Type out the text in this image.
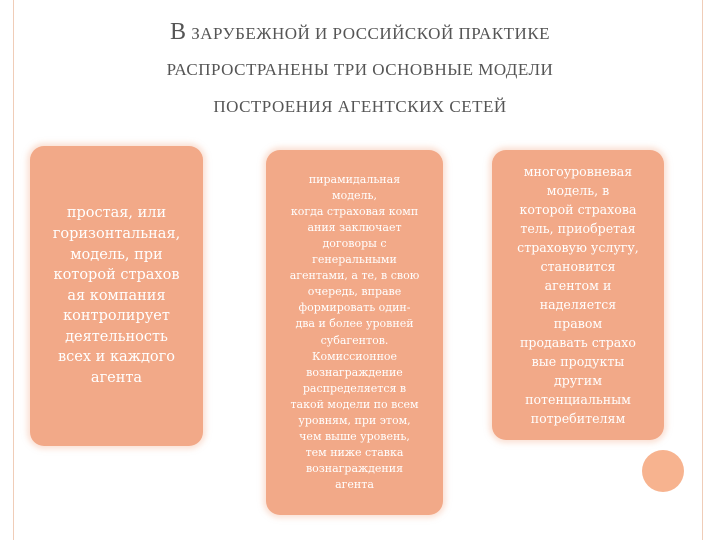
В ЗАРУБЕЖНОЙ И РОССИЙСКОЙ ПРАКТИКЕ
РАСПРОСТРАНЕНЫ ТРИ ОСНОВНЫЕ МОДЕЛИ
ПОСТРОЕНИЯ АГЕНТСКИХ СЕТЕЙ
простая, или
горизонтальная,
модель, при
которой страхов
ая компания
контролирует
деятельность
всех и каждого
агента
пирамидальная
модель,
когда страховая комп
ания заключает
договоры с
генеральными
агентами, а те, в свою
очередь, вправе
формировать один-
два и более уровней
субагентов.
Комиссионное
вознаграждение
распределяется в
такой модели по всем
уровням, при этом,
чем выше уровень,
тем ниже ставка
вознаграждения
агента
многоуровневая
модель, в
которой страхова
тель, приобретая
страховую услугу,
становится
агентом и
наделяется
правом
продавать страхо
вые продукты
другим
потенциальным
потребителям
